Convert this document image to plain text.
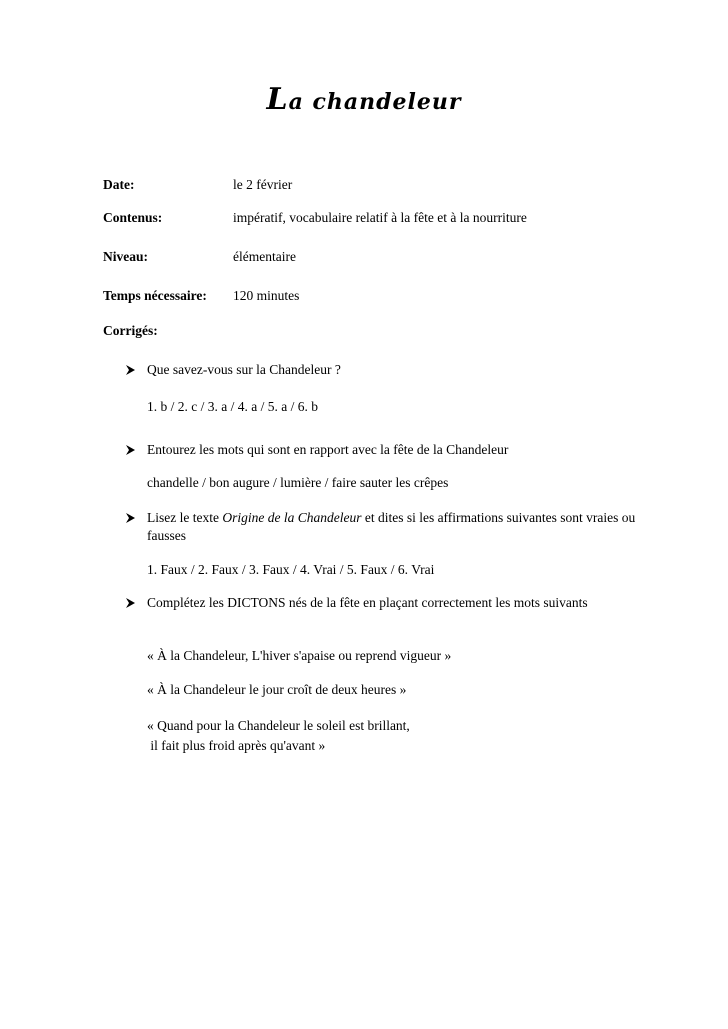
La chandeleur
Date:	le 2 février
Contenus:	impératif, vocabulaire relatif à la fête et à la nourriture
Niveau:	élémentaire
Temps nécessaire: 120 minutes
Corrigés:
Que savez-vous sur la Chandeleur ?
1. b / 2. c / 3. a / 4. a / 5. a / 6. b
Entourez les mots qui sont en rapport avec la fête de la Chandeleur
chandelle / bon augure / lumière / faire sauter les crêpes
Lisez le texte Origine de la Chandeleur et dites si les affirmations suivantes sont vraies ou fausses
1. Faux / 2. Faux / 3. Faux / 4. Vrai / 5. Faux / 6. Vrai
Complétez les DICTONS nés de la fête en plaçant correctement les mots suivants
« À la Chandeleur, L'hiver s'apaise ou reprend vigueur »
« À la Chandeleur le jour croît de deux heures »
« Quand pour la Chandeleur le soleil est brillant,
il fait plus froid après qu'avant »
